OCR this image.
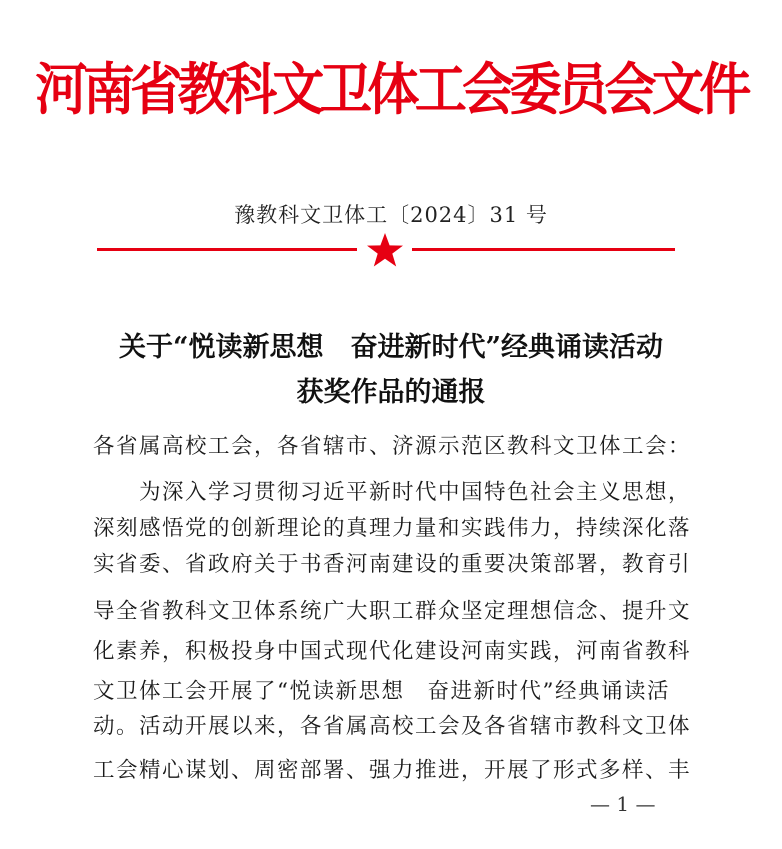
河南省教科文卫体工会委员会文件
豫教科文卫体工〔2024〕31 号
关于“悦读新思想　奋进新时代”经典诵读活动
获奖作品的通报
各省属高校工会，各省辖市、济源示范区教科文卫体工会：
　　为深入学习贯彻习近平新时代中国特色社会主义思想，
深刻感悟党的创新理论的真理力量和实践伟力，持续深化落
实省委、省政府关于书香河南建设的重要决策部署，教育引
导全省教科文卫体系统广大职工群众坚定理想信念、提升文
化素养，积极投身中国式现代化建设河南实践，河南省教科
文卫体工会开展了“悦读新思想　奋进新时代”经典诵读活
动。活动开展以来，各省属高校工会及各省辖市教科文卫体
工会精心谋划、周密部署、强力推进，开展了形式多样、丰
— 1 —
